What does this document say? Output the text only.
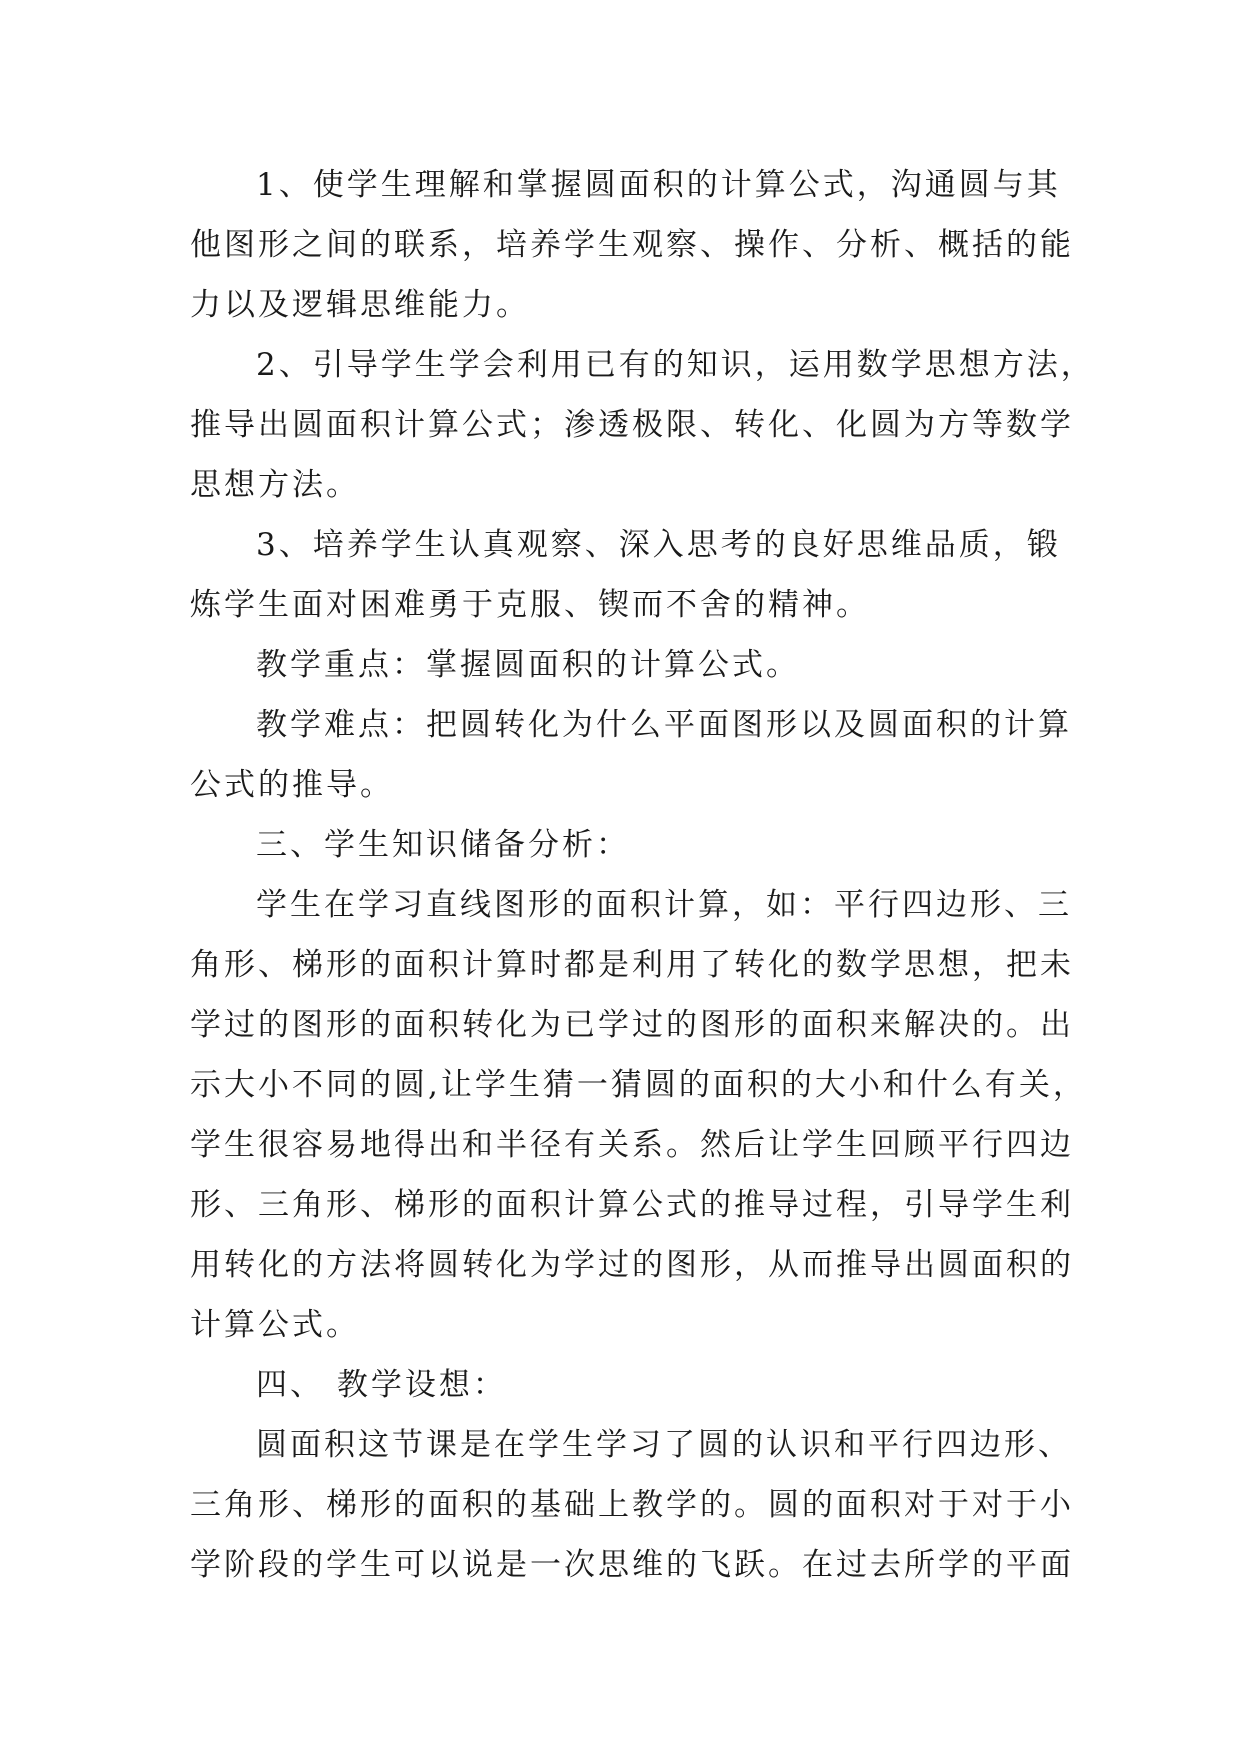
1、使学生理解和掌握圆面积的计算公式，沟通圆与其
他图形之间的联系，培养学生观察、操作、分析、概括的能
力以及逻辑思维能力。
2、引导学生学会利用已有的知识，运用数学思想方法，
推导出圆面积计算公式；渗透极限、转化、化圆为方等数学
思想方法。
3、培养学生认真观察、深入思考的良好思维品质，锻
炼学生面对困难勇于克服、锲而不舍的精神。
教学重点：掌握圆面积的计算公式。
教学难点：把圆转化为什么平面图形以及圆面积的计算
公式的推导。
三、学生知识储备分析：
学生在学习直线图形的面积计算，如：平行四边形、三
角形、梯形的面积计算时都是利用了转化的数学思想，把未
学过的图形的面积转化为已学过的图形的面积来解决的。出
示大小不同的圆,让学生猜一猜圆的面积的大小和什么有关，
学生很容易地得出和半径有关系。然后让学生回顾平行四边
形、三角形、梯形的面积计算公式的推导过程，引导学生利
用转化的方法将圆转化为学过的图形，从而推导出圆面积的
计算公式。
四、 教学设想：
圆面积这节课是在学生学习了圆的认识和平行四边形、
三角形、梯形的面积的基础上教学的。圆的面积对于对于小
学阶段的学生可以说是一次思维的飞跃。在过去所学的平面
